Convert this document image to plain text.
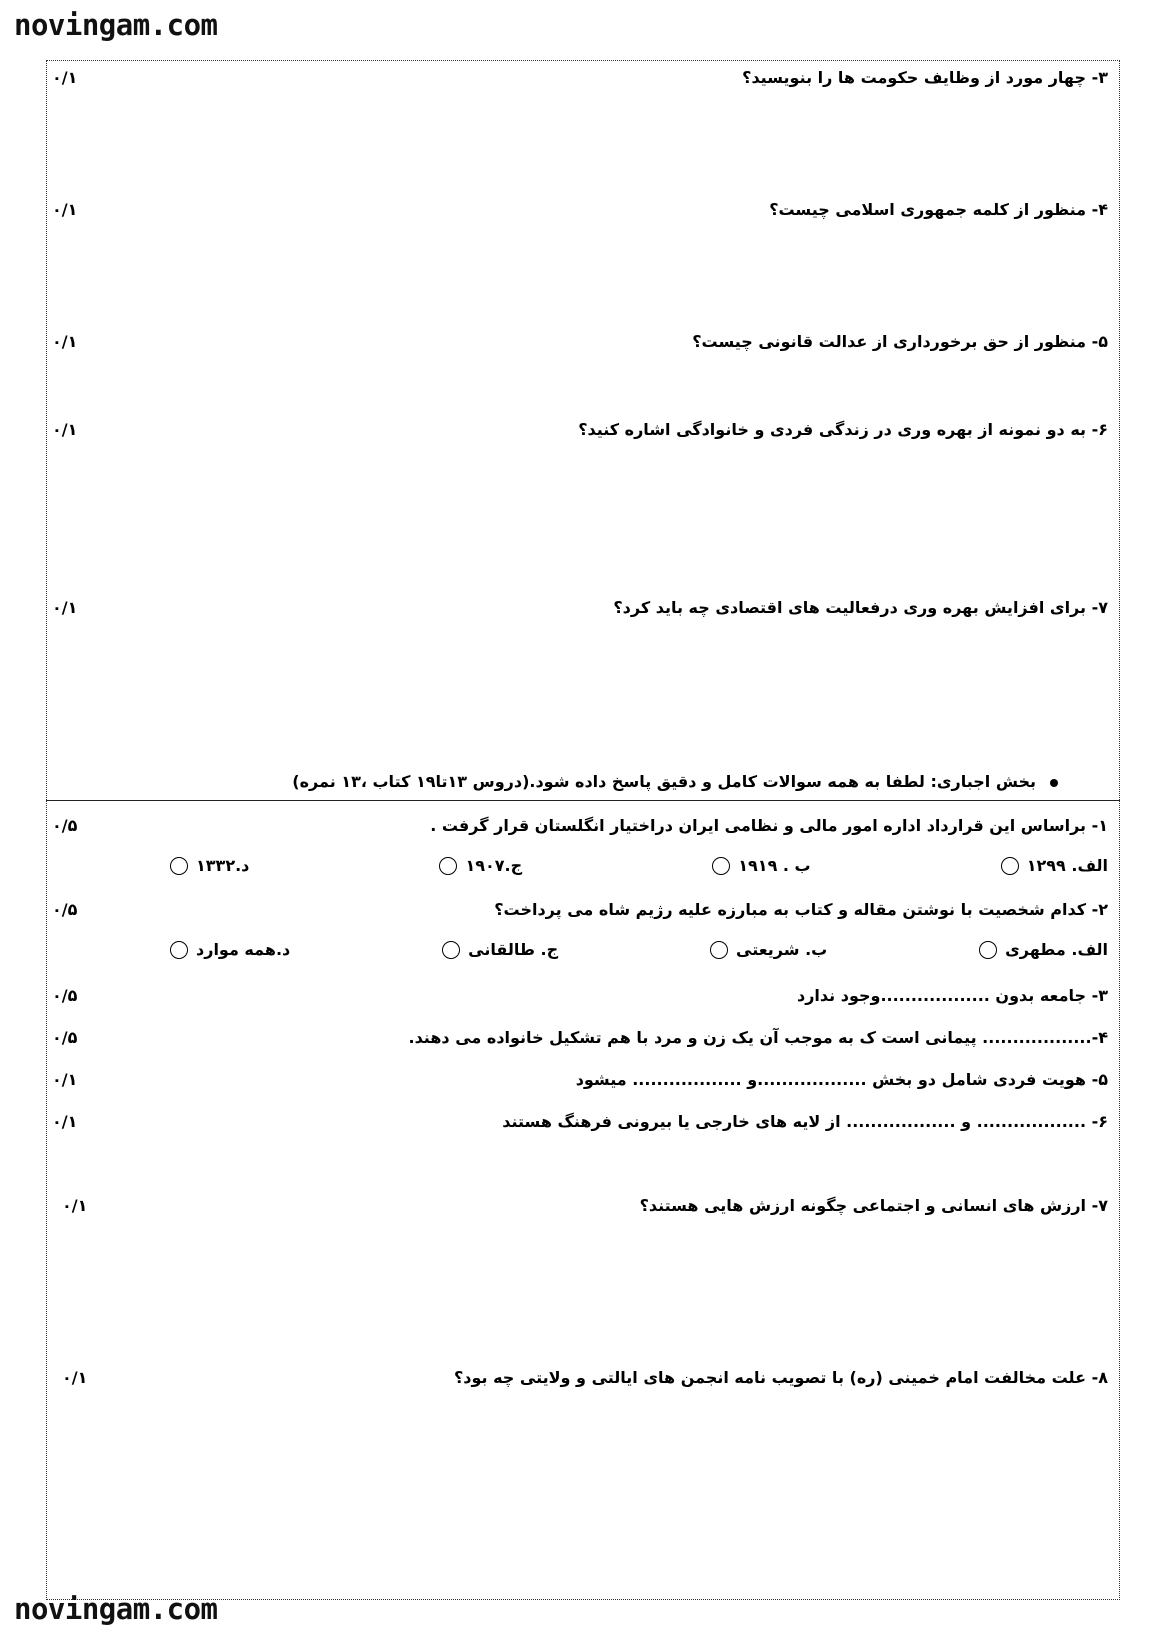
novingam.com
۳- چهار مورد از وظایف حکومت ها را بنویسید؟
۰/۱
۴- منظور از کلمه جمهوری اسلامی چیست؟
۰/۱
۵- منظور از حق برخورداری از عدالت قانونی چیست؟
۰/۱
۶- به دو نمونه از بهره وری در زندگی فردی و خانوادگی اشاره کنید؟
۰/۱
۷- برای افزایش بهره وری درفعالیت های اقتصادی چه باید کرد؟
۰/۱
بخش اجباری: لطفا به همه سوالات کامل و دقیق پاسخ داده شود.(دروس ۱۳تا۱۹ کتاب ،۱۳ نمره)
۱- براساس این قرارداد اداره امور مالی و نظامی ایران دراختیار انگلستان قرار گرفت .
۰/۵
الف. ۱۲۹۹
ب . ۱۹۱۹
ج.۱۹۰۷
د.۱۳۳۲
۲- کدام شخصیت با نوشتن مقاله و کتاب به مبارزه علیه رژیم شاه می پرداخت؟
۰/۵
الف. مطهری
ب. شریعتی
ج. طالقانی
د.همه موارد
۳- جامعه بدون ..................وجود ندارد
۰/۵
۴-.................. پیمانی است ک به موجب آن یک زن و مرد با هم تشکیل خانواده می دهند.
۰/۵
۵- هویت فردی شامل دو بخش ..................و .................. میشود
۰/۱
۶- .................. و .................. از لایه های خارجی یا بیرونی فرهنگ هستند
۰/۱
۷- ارزش های انسانی و اجتماعی چگونه ارزش هایی هستند؟
۰/۱
۸- علت مخالفت امام خمینی (ره) با تصویب نامه انجمن های ایالتی و ولایتی چه بود؟
۰/۱
novingam.com
